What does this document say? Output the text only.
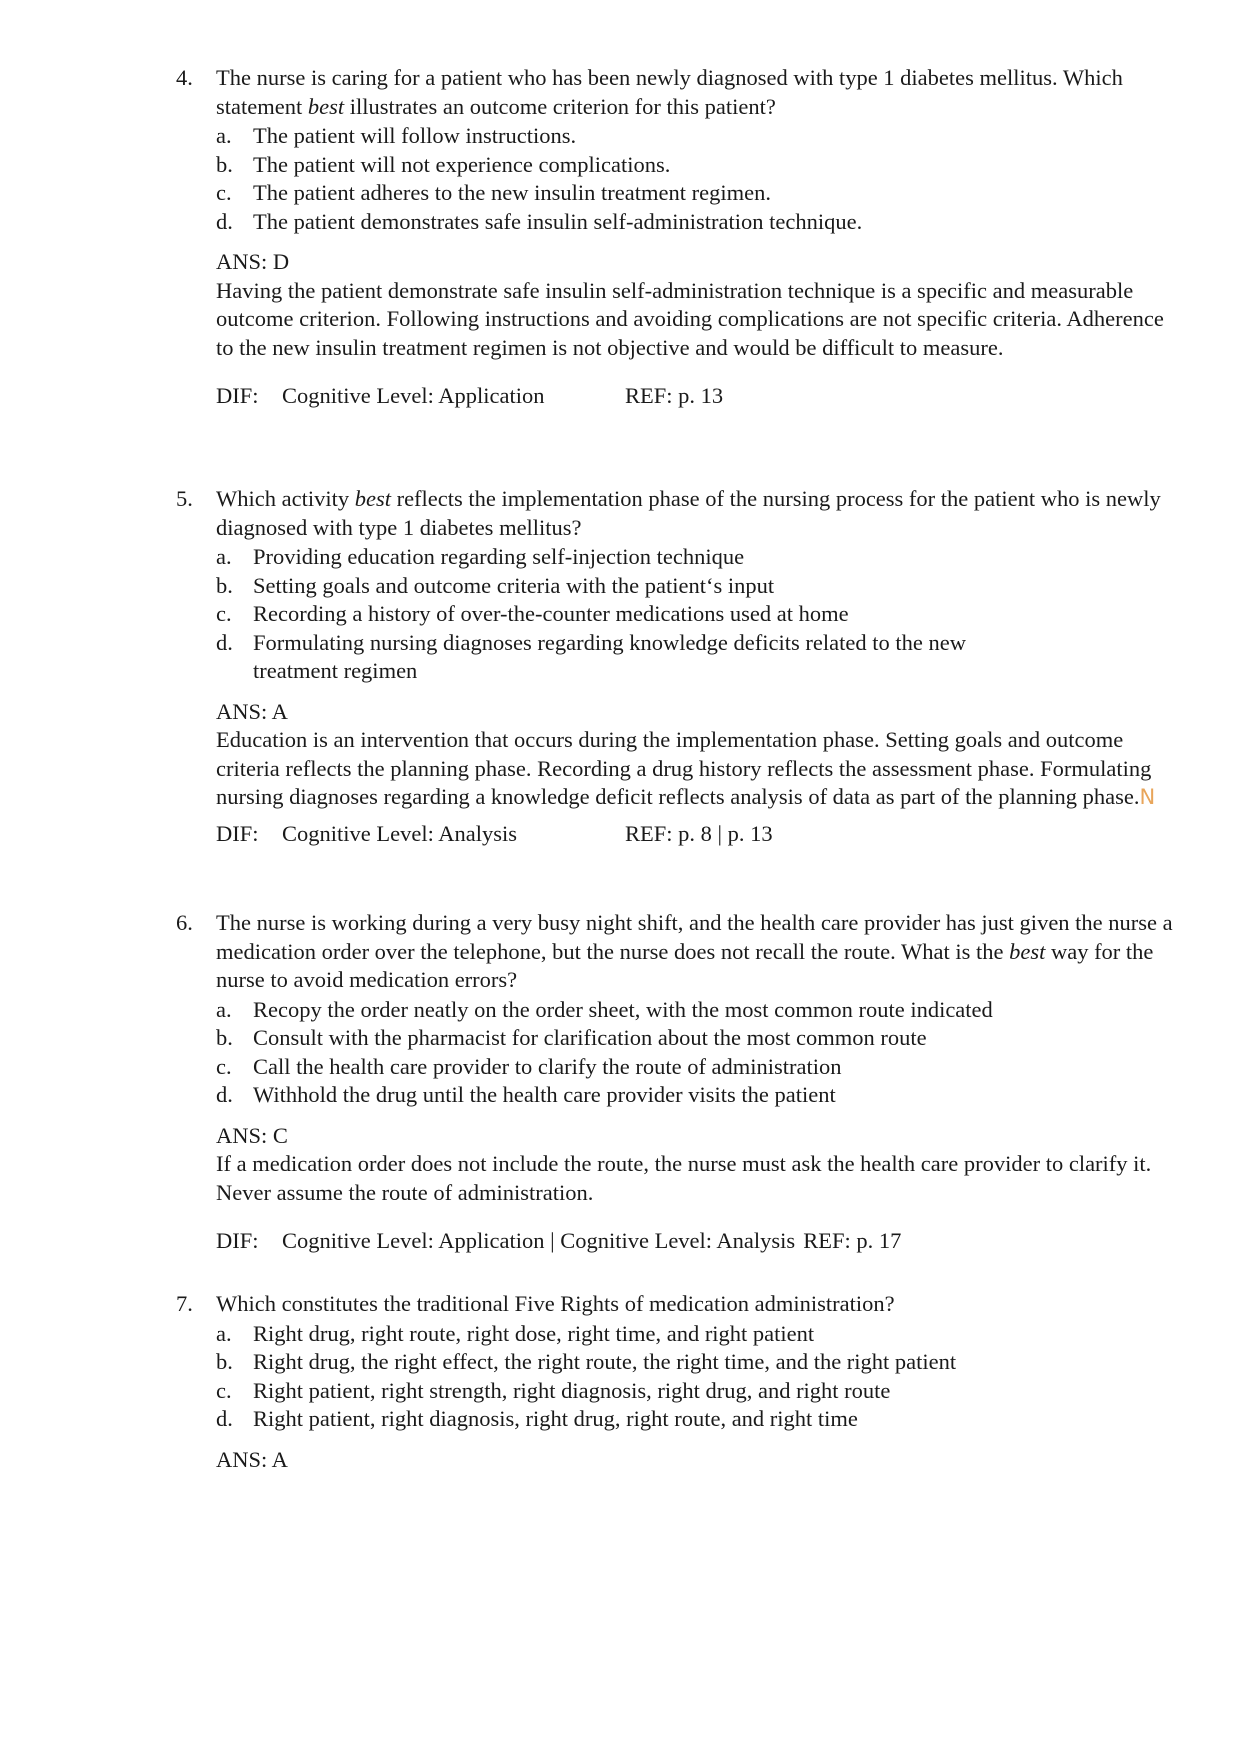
4. The nurse is caring for a patient who has been newly diagnosed with type 1 diabetes mellitus. Which statement best illustrates an outcome criterion for this patient?
a. The patient will follow instructions.
b. The patient will not experience complications.
c. The patient adheres to the new insulin treatment regimen.
d. The patient demonstrates safe insulin self-administration technique.
ANS: D
Having the patient demonstrate safe insulin self-administration technique is a specific and measurable outcome criterion. Following instructions and avoiding complications are not specific criteria. Adherence to the new insulin treatment regimen is not objective and would be difficult to measure.
DIF: Cognitive Level: Application	REF: p. 13
5. Which activity best reflects the implementation phase of the nursing process for the patient who is newly diagnosed with type 1 diabetes mellitus?
a. Providing education regarding self-injection technique
b. Setting goals and outcome criteria with the patient‘s input
c. Recording a history of over-the-counter medications used at home
d. Formulating nursing diagnoses regarding knowledge deficits related to the new treatment regimen
ANS: A
Education is an intervention that occurs during the implementation phase. Setting goals and outcome criteria reflects the planning phase. Recording a drug history reflects the assessment phase. Formulating nursing diagnoses regarding a knowledge deficit reflects analysis of data as part of the planning phase.N
DIF: Cognitive Level: Analysis	REF: p. 8 | p. 13
6. The nurse is working during a very busy night shift, and the health care provider has just given the nurse a medication order over the telephone, but the nurse does not recall the route. What is the best way for the nurse to avoid medication errors?
a. Recopy the order neatly on the order sheet, with the most common route indicated
b. Consult with the pharmacist for clarification about the most common route
c. Call the health care provider to clarify the route of administration
d. Withhold the drug until the health care provider visits the patient
ANS: C
If a medication order does not include the route, the nurse must ask the health care provider to clarify it. Never assume the route of administration.
DIF: Cognitive Level: Application | Cognitive Level: Analysis REF: p. 17
7. Which constitutes the traditional Five Rights of medication administration?
a. Right drug, right route, right dose, right time, and right patient
b. Right drug, the right effect, the right route, the right time, and the right patient
c. Right patient, right strength, right diagnosis, right drug, and right route
d. Right patient, right diagnosis, right drug, right route, and right time
ANS: A
